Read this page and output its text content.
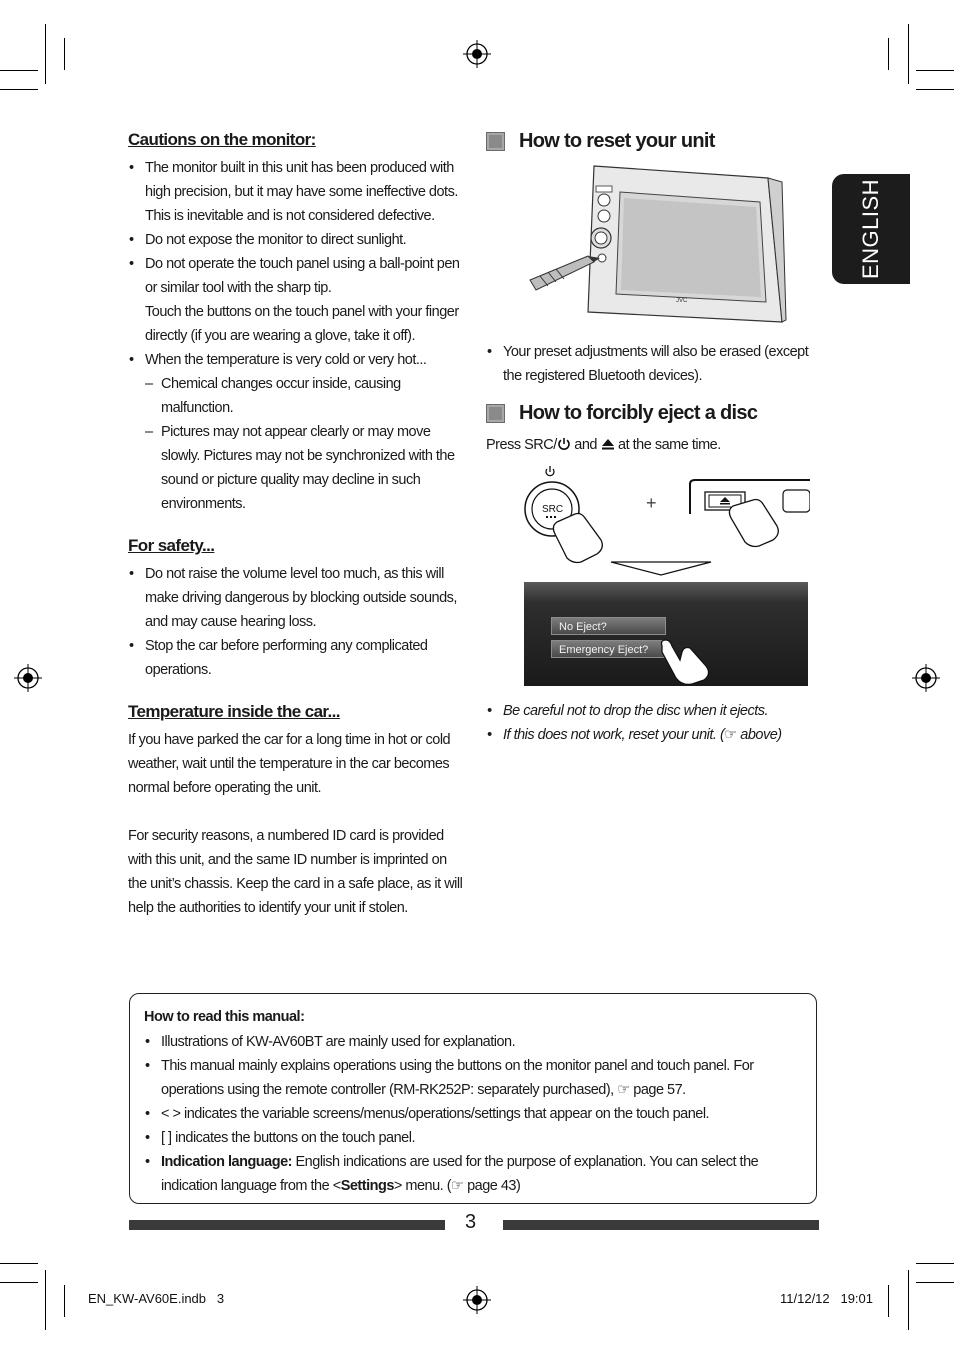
Cautions on the monitor:
• The monitor built in this unit has been produced with high precision, but it may have some ineffective dots. This is inevitable and is not considered defective.
• Do not expose the monitor to direct sunlight.
• Do not operate the touch panel using a ball-point pen or similar tool with the sharp tip.

Touch the buttons on the touch panel with your finger directly (if you are wearing a glove, take it off).

• When the temperature is very cold or very hot...
– Chemical changes occur inside, causing malfunction.
– Pictures may not appear clearly or may move slowly. Pictures may not be synchronized with the sound or picture quality may decline in such environments.
For safety...
• Do not raise the volume level too much, as this will make driving dangerous by blocking outside sounds, and may cause hearing loss.
• Stop the car before performing any complicated operations.
Temperature inside the car...

If you have parked the car for a long time in hot or cold weather, wait until the temperature in the car becomes normal before operating the unit.

For security reasons, a numbered ID card is provided with this unit, and the same ID number is imprinted on the unit’s chassis. Keep the card in a safe place, as it will help the authorities to identify your unit if stolen.

How to reset your unit
JVC
• Your preset adjustments will also be erased (except the registered Bluetooth devices).
How to forcibly eject a disc

Press SRC/ and  at the same time.

SRC	+
No Eject?
Emergency Eject?
• Be careful not to drop the disc when it ejects.
• If this does not work, reset your unit. (☞ above)
ENGLISH
How to read this manual:
• Illustrations of KW-AV60BT are mainly used for explanation.
• This manual mainly explains operations using the buttons on the monitor panel and touch panel. For operations using the remote controller (RM-RK252P: separately purchased), ☞ page 57.
• < > indicates the variable screens/menus/operations/settings that appear on the touch panel.
• [ ] indicates the buttons on the touch panel.
• Indication language: English indications are used for the purpose of explanation. You can select the indication language from the <Settings> menu. (☞ page 43)
3
EN_KW-AV60E.indb   3	11/12/12   19:01
